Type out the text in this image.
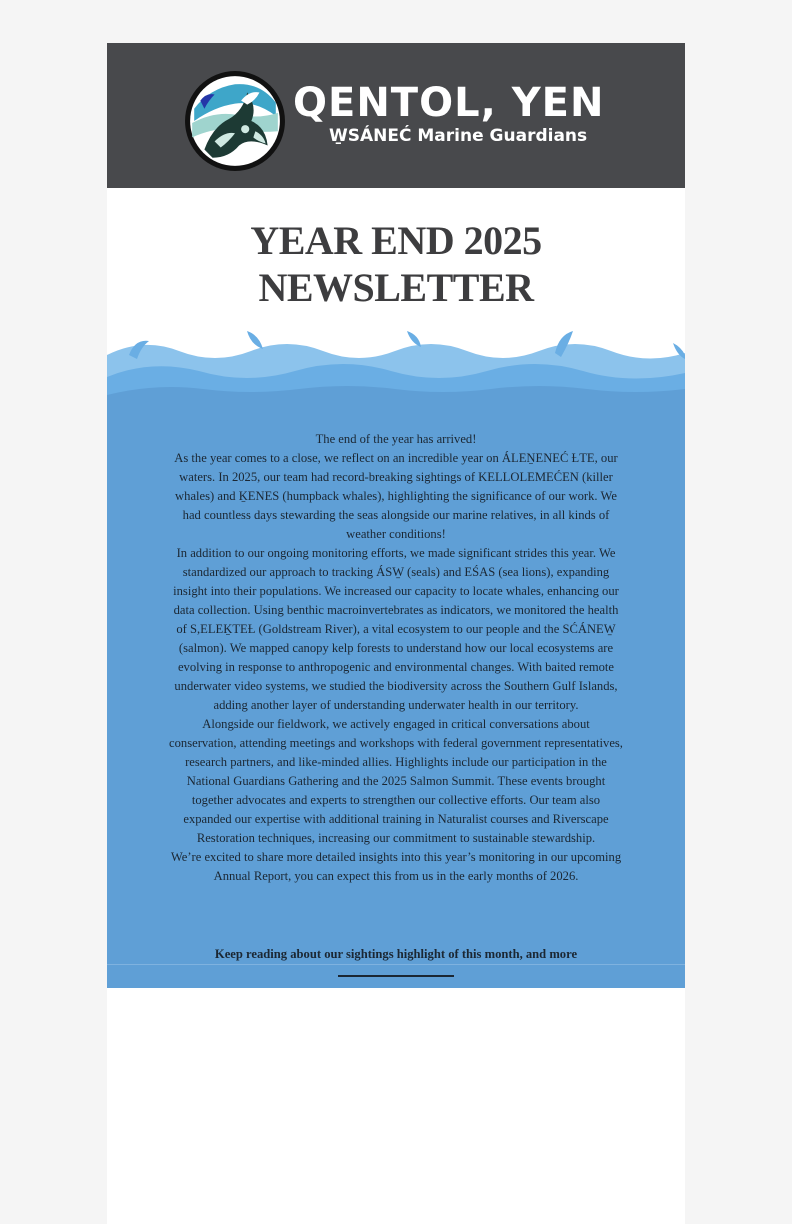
QENTOL, YEN
W̱SÁNEĆ Marine Guardians
YEAR END 2025
NEWSLETTER

The end of the year has arrived!

As the year comes to a close, we reflect on an incredible year on ÁLEṈENEĆ ȽTE, our waters. In 2025, our team had record-breaking sightings of KELLOLEMEĆEN (killer whales) and ḴENES (humpback whales), highlighting the significance of our work. We had countless days stewarding the seas alongside our marine relatives, in all kinds of weather conditions!

In addition to our ongoing monitoring efforts, we made significant strides this year. We standardized our approach to tracking ÁSW̱ (seals) and EŚAS (sea lions), expanding insight into their populations. We increased our capacity to locate whales, enhancing our data collection. Using benthic macroinvertebrates as indicators, we monitored the health of S,ELEḴTEȽ (Goldstream River), a vital ecosystem to our people and the SĆÁNEW̱ (salmon). We mapped canopy kelp forests to understand how our local ecosystems are evolving in response to anthropogenic and environmental changes. With baited remote underwater video systems, we studied the biodiversity across the Southern Gulf Islands, adding another layer of understanding underwater health in our territory.

Alongside our fieldwork, we actively engaged in critical conversations about conservation, attending meetings and workshops with federal government representatives, research partners, and like-minded allies. Highlights include our participation in the National Guardians Gathering and the 2025 Salmon Summit. These events brought together advocates and experts to strengthen our collective efforts. Our team also expanded our expertise with additional training in Naturalist courses and Riverscape Restoration techniques, increasing our commitment to sustainable stewardship.

We’re excited to share more detailed insights into this year’s monitoring in our upcoming Annual Report, you can expect this from us in the early months of 2026.

Keep reading about our sightings highlight of this month, and more
